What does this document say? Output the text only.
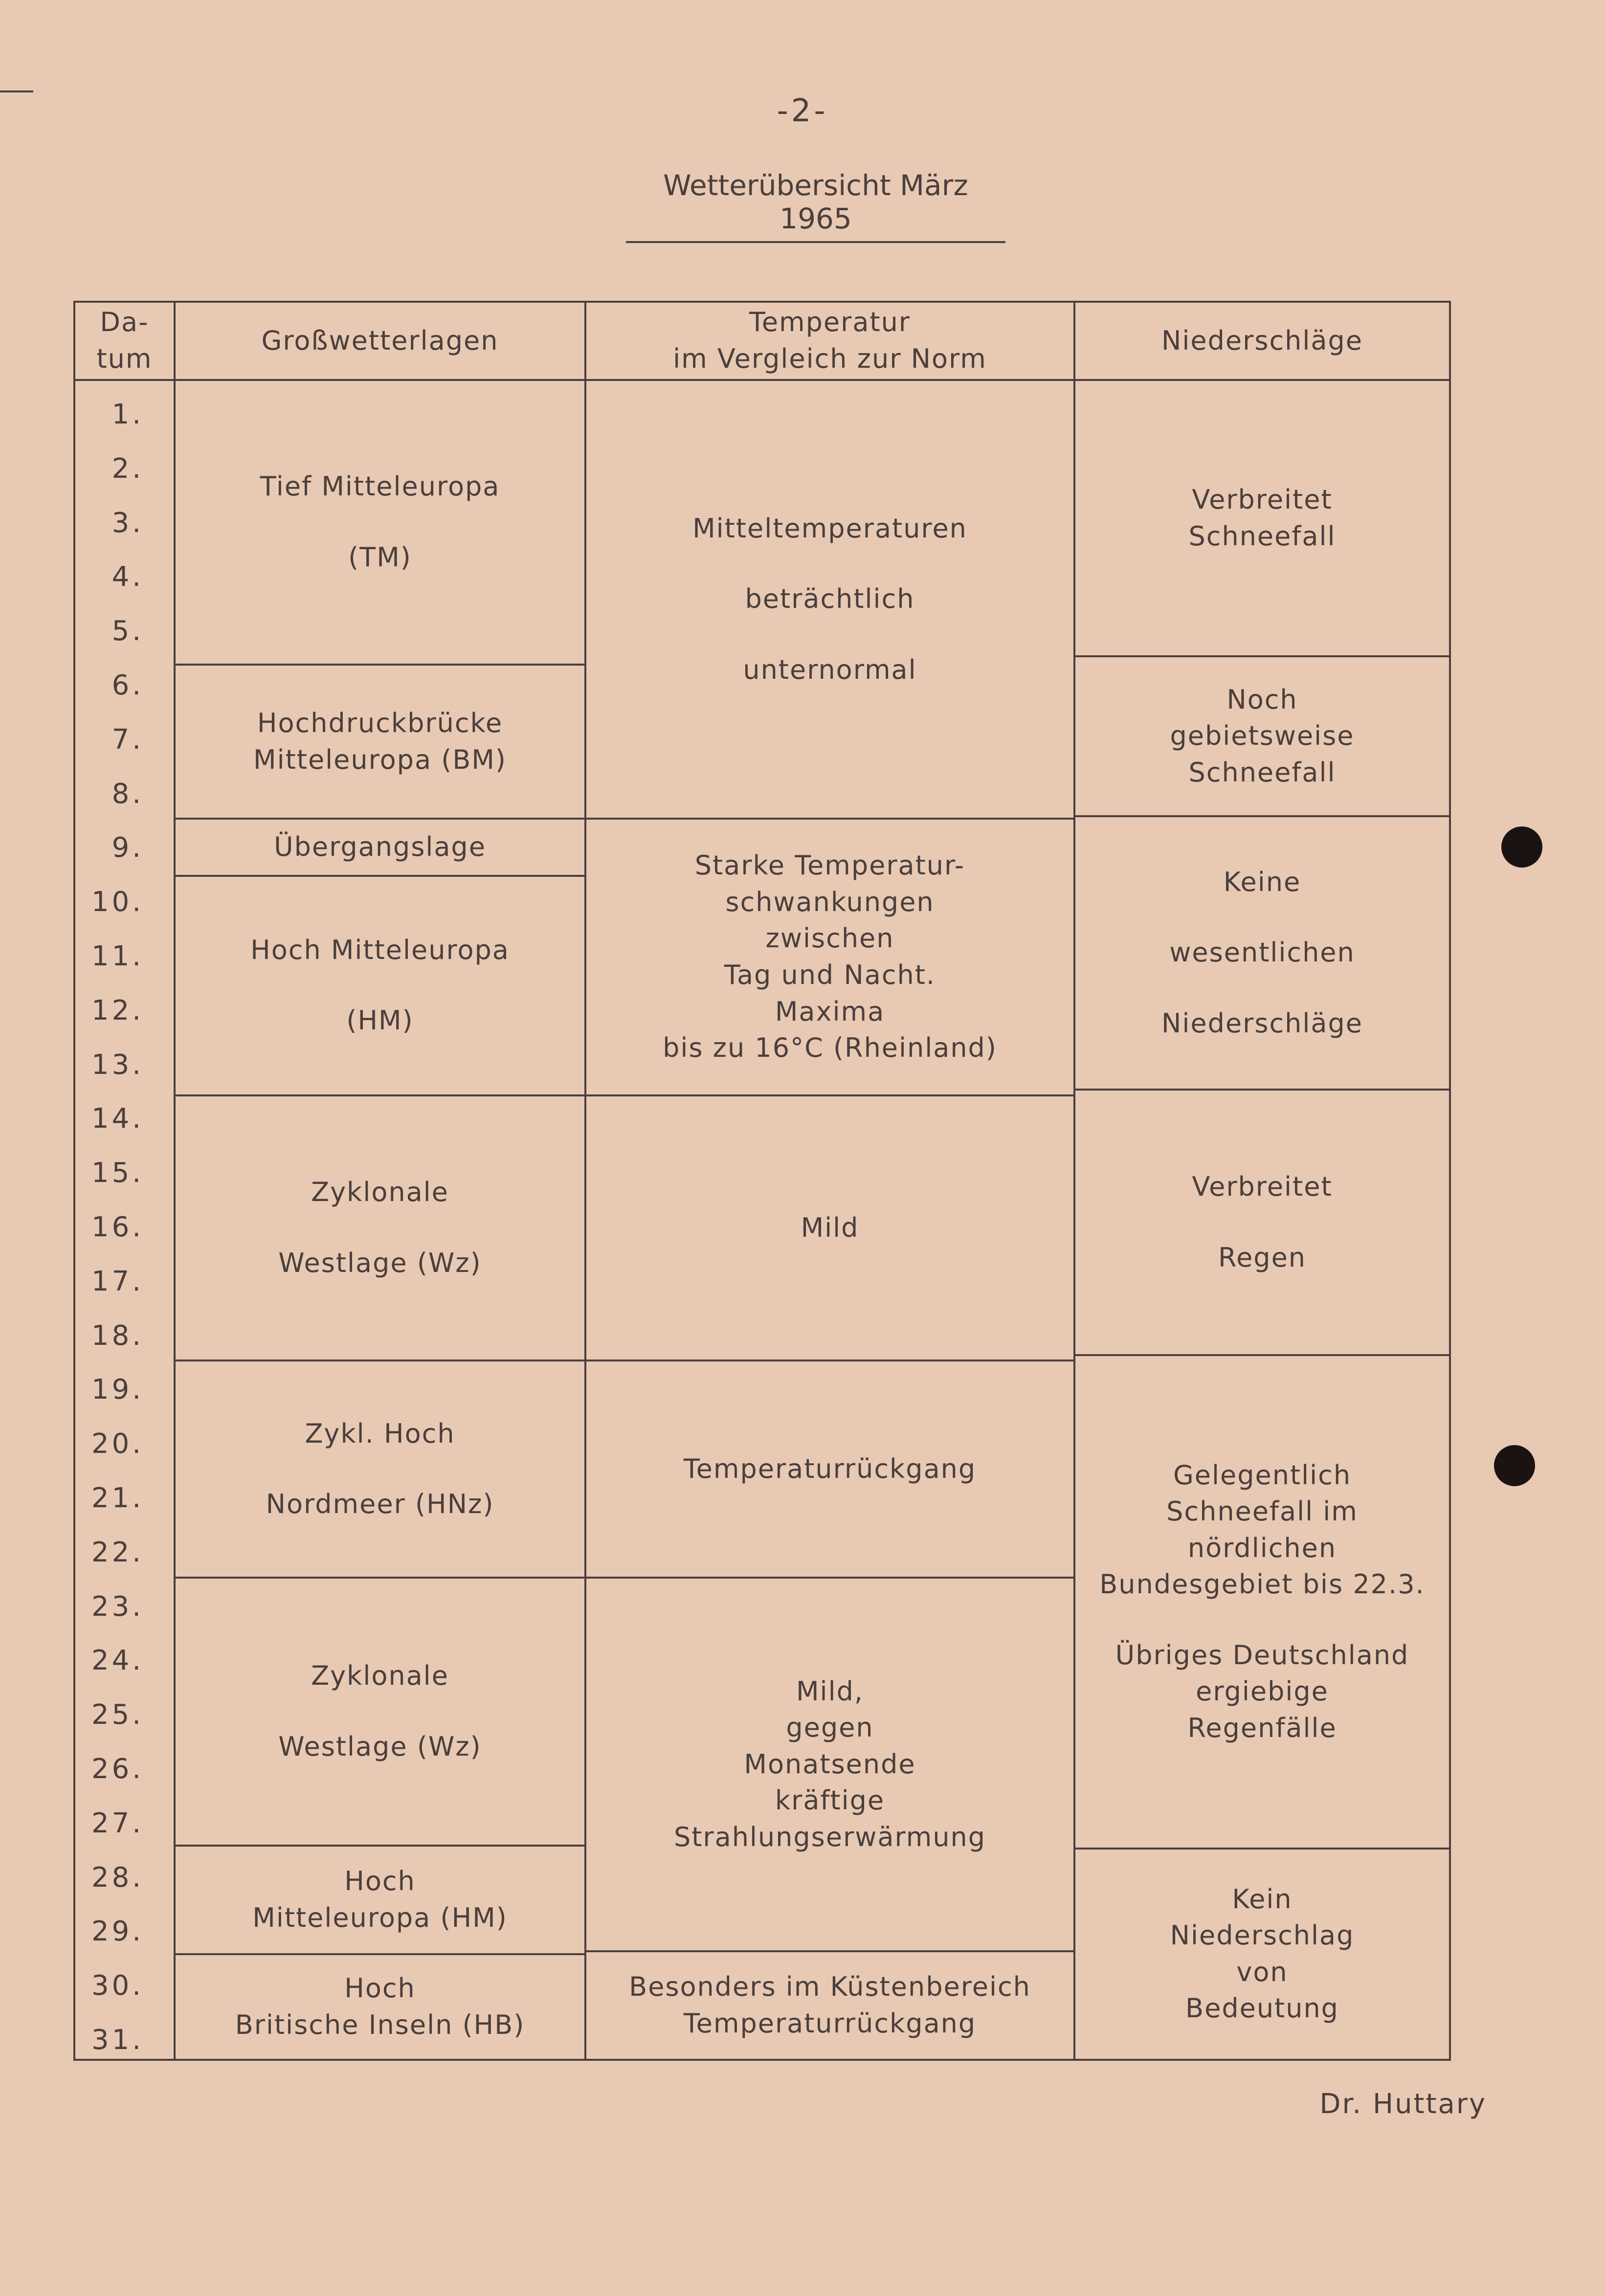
-2-
Wetterübersicht März 1965
Da-
tum
Großwetterlagen
Temperatur
im Vergleich zur Norm
Niederschläge
1.
2.
3.
4.
5.
6.
7.
8.
9.
10.
11.
12.
13.
14.
15.
16.
17.
18.
19.
20.
21.
22.
23.
24.
25.
26.
27.
28.
29.
30.
31.
Tief Mitteleuropa
(TM)
Hochdruckbrücke
Mitteleuropa (BM)
Übergangslage
Hoch Mitteleuropa
(HM)
Zyklonale
Westlage (Wz)
Zykl. Hoch
Nordmeer (HNz)
Zyklonale
Westlage (Wz)
Hoch
Mitteleuropa (HM)
Hoch
Britische Inseln (HB)
Mitteltemperaturen
beträchtlich
unternormal
Starke Temperatur-
schwankungen
zwischen
Tag und Nacht.
Maxima
bis zu 16°C (Rheinland)
Mild
Temperaturrückgang
Mild,
gegen
Monatsende
kräftige
Strahlungserwärmung
Besonders im Küstenbereich
Temperaturrückgang
Verbreitet
Schneefall
Noch
gebietsweise
Schneefall
Keine
wesentlichen
Niederschläge
Verbreitet
Regen
Gelegentlich
Schneefall im
nördlichen
Bundesgebiet bis 22.3.
Übriges Deutschland
ergiebige
Regenfälle
Kein
Niederschlag
von
Bedeutung
Dr. Huttary
